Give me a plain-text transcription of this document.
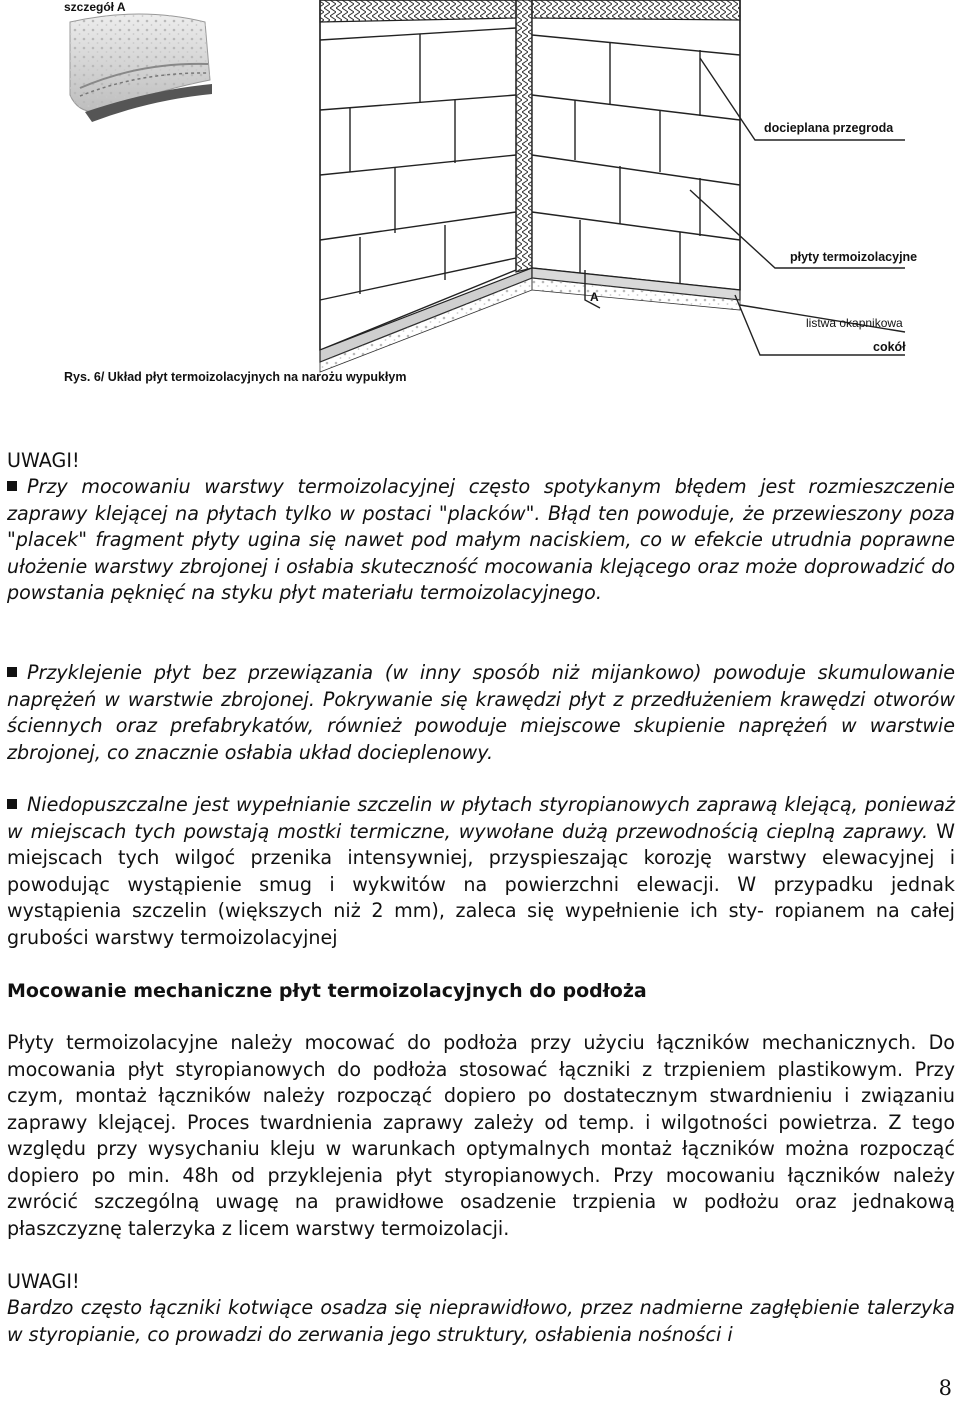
szczegół A
docieplana przegroda
płyty termoizolacyjne
A
listwa okapnikowa
cokół
Rys. 6/ Układ płyt termoizolacyjnych na narożu wypukłym
UWAGI!

Przy mocowaniu warstwy termoizolacyjnej często spotykanym błędem jest rozmieszczenie zaprawy klejącej na płytach tylko w postaci "placków". Błąd ten powoduje, że przewieszony poza "placek" fragment płyty ugina się nawet pod małym naciskiem, co w efekcie utrudnia poprawne ułożenie warstwy zbrojonej i osłabia skuteczność mocowania klejącego oraz może doprowadzić do powstania pęknięć na styku płyt materiału termoizolacyjnego.

Przyklejenie płyt bez przewiązania (w inny sposób niż mijankowo) powoduje skumulowanie naprężeń w warstwie zbrojonej. Pokrywanie się krawędzi płyt z przedłużeniem krawędzi otworów ściennych oraz prefabrykatów, również powoduje miejscowe skupienie naprężeń w warstwie zbrojonej, co znacznie osłabia układ docieplenowy.

Niedopuszczalne jest wypełnianie szczelin w płytach styropianowych zaprawą klejącą, ponieważ w miejscach tych powstają mostki termiczne, wywołane dużą przewodnością cieplną zaprawy. W miejscach tych wilgoć przenika intensywniej, przyspieszając korozję warstwy elewacyjnej i powodując wystąpienie smug i wykwitów na powierzchni elewacji. W przypadku jednak wystąpienia szczelin (większych niż 2 mm), zaleca się wypełnienie ich sty- ropianem na całej grubości warstwy termoizolacyjnej

Mocowanie mechaniczne płyt termoizolacyjnych do podłoża

Płyty termoizolacyjne należy mocować do podłoża przy użyciu łączników mechanicznych. Do mocowania płyt styropianowych do podłoża stosować łączniki z trzpieniem plastikowym. Przy czym, montaż łączników należy rozpocząć dopiero po dostatecznym stwardnieniu i związaniu zaprawy klejącej. Proces twardnienia zaprawy zależy od temp. i wilgotności powietrza. Z tego względu przy wysychaniu kleju w warunkach optymalnych montaż łączników można rozpocząć dopiero po min. 48h od przyklejenia płyt styropianowych. Przy mocowaniu łączników należy zwrócić szczególną uwagę na prawidłowe osadzenie trzpienia w podłożu oraz jednakową płaszczyznę talerzyka z licem warstwy termoizolacji.

UWAGI!

Bardzo często łączniki kotwiące osadza się nieprawidłowo, przez nadmierne zagłębienie talerzyka w styropianie, co prowadzi do zerwania jego struktury, osłabienia nośności i

8
